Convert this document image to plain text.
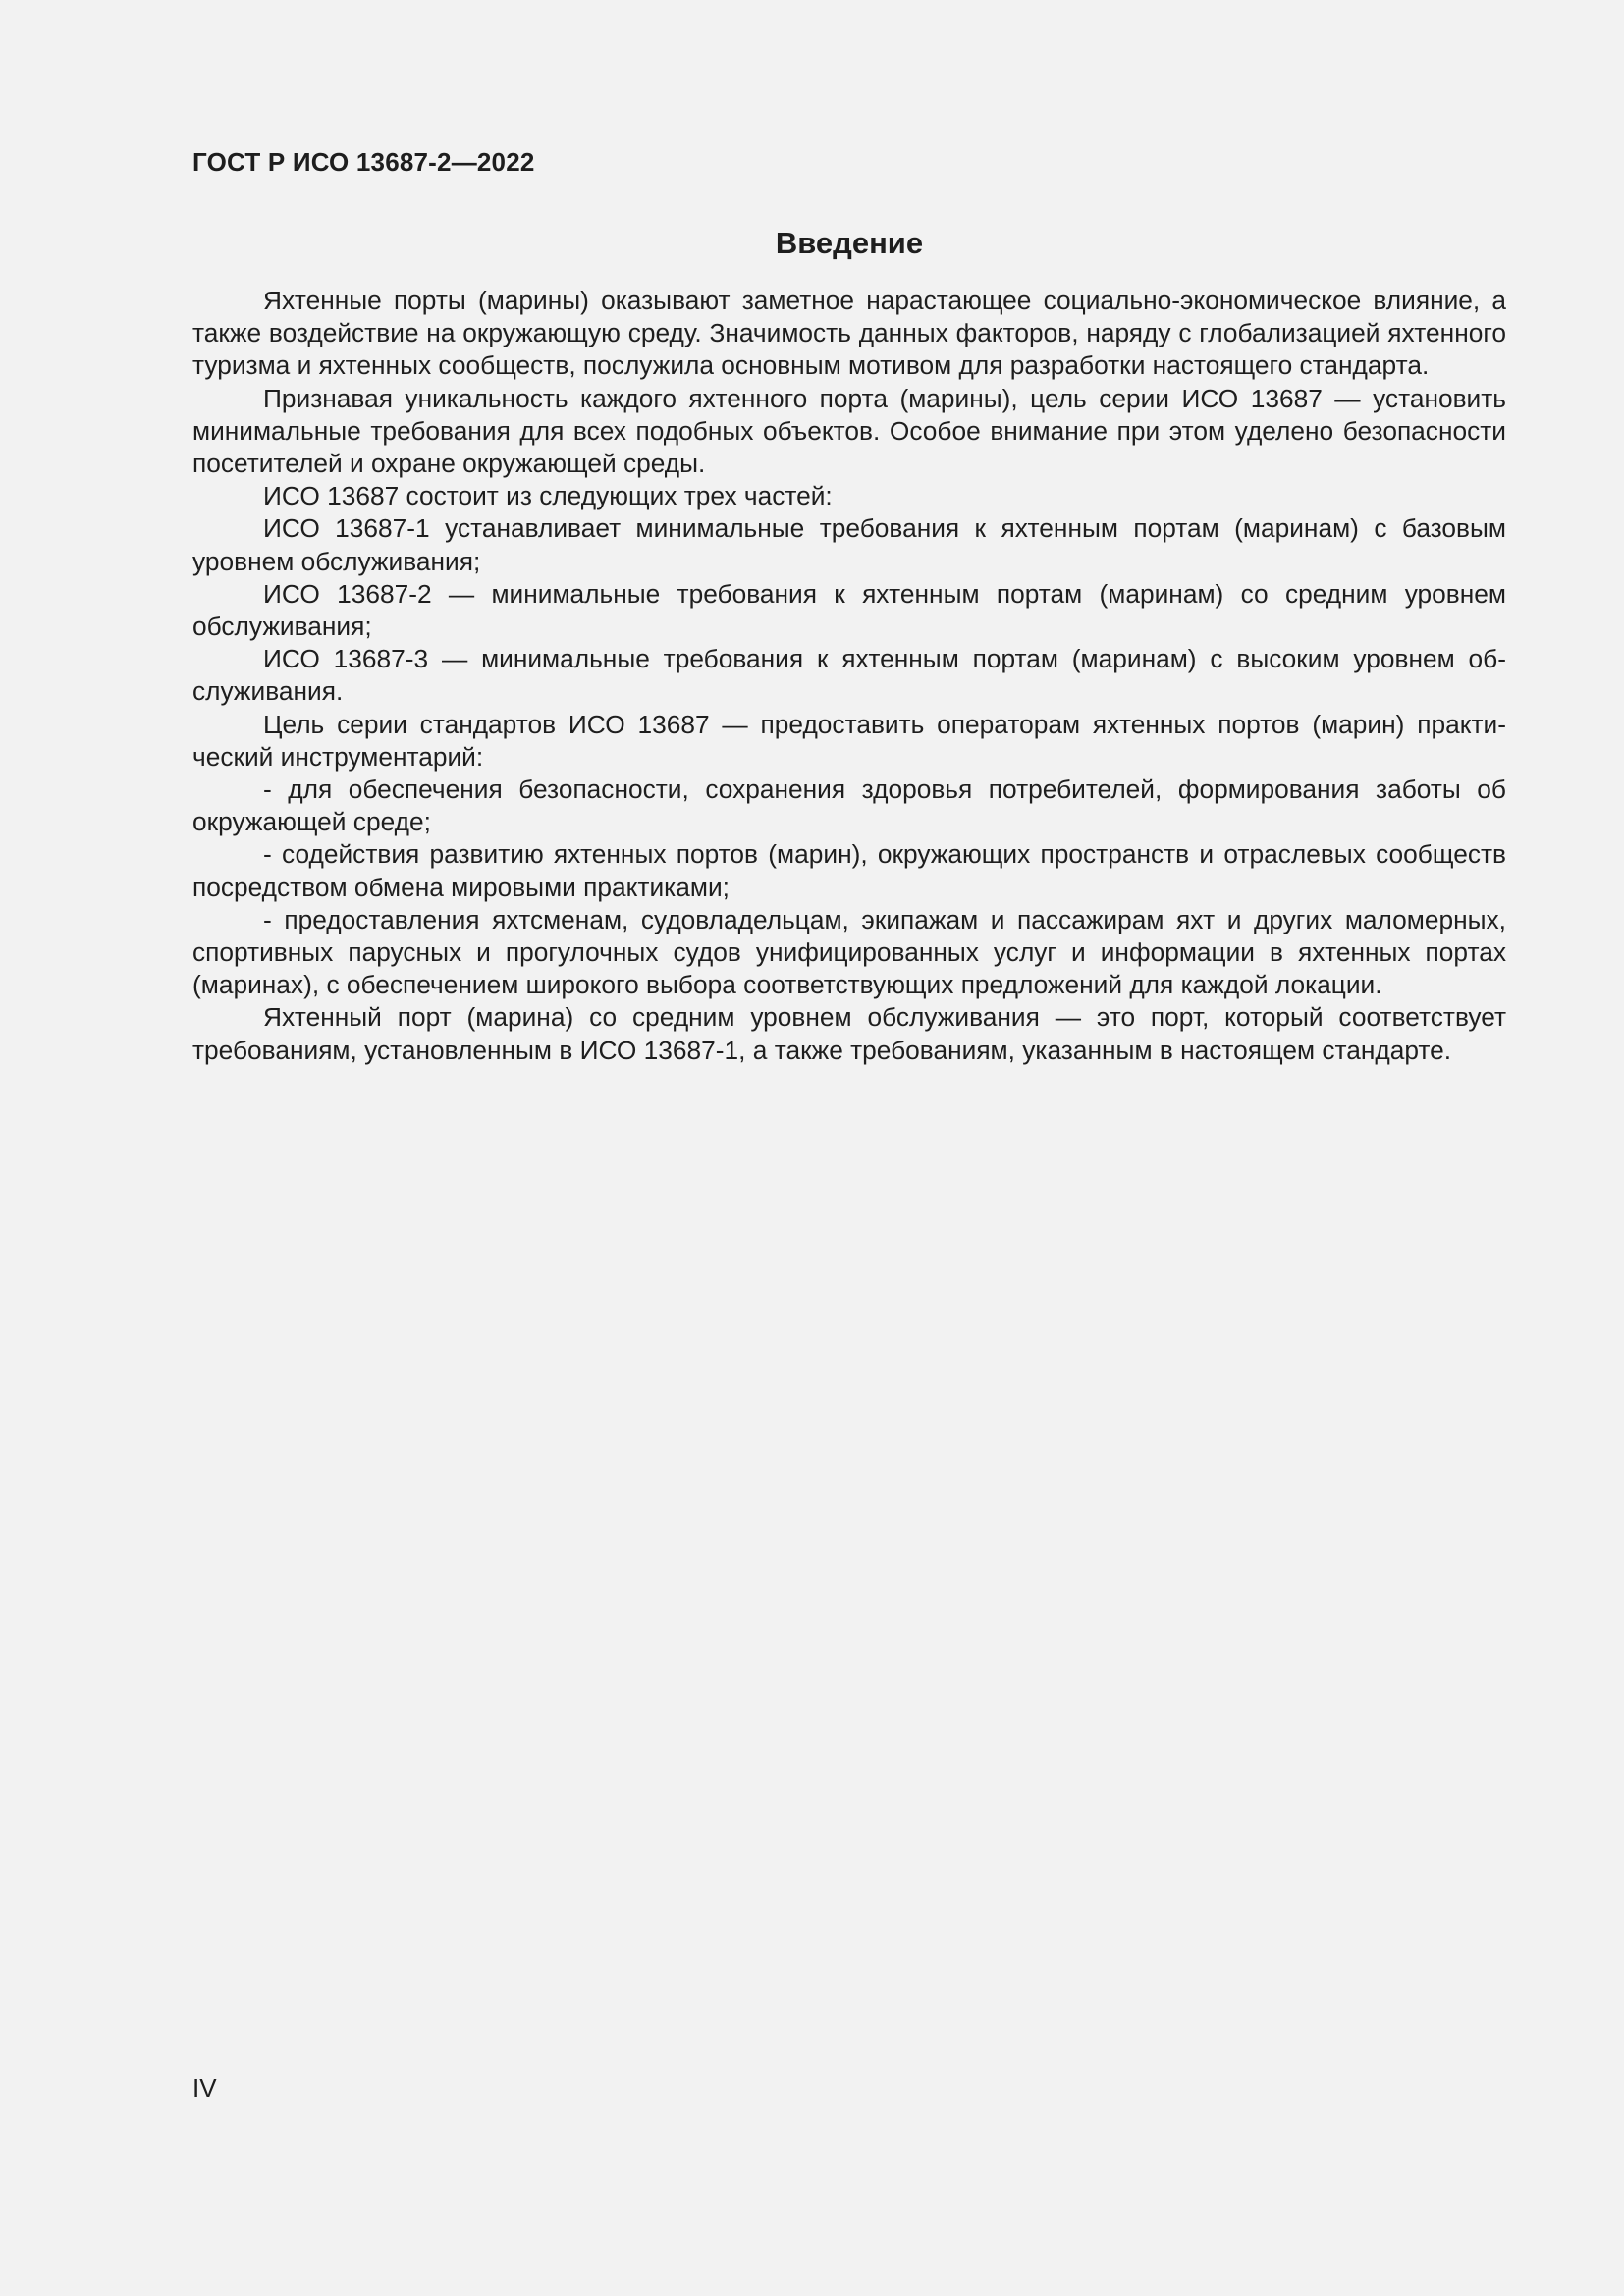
ГОСТ Р ИСО 13687-2—2022
Введение

Яхтенные порты (марины) оказывают заметное нарастающее социально-экономическое влияние, а также воздействие на окружающую среду. Значимость данных факторов, наряду с глобализацией яхтенного туризма и яхтенных сообществ, послужила основным мотивом для разработки настоящего стандарта.

Признавая уникальность каждого яхтенного порта (марины), цель серии ИСО 13687 — установить минимальные требования для всех подобных объектов. Особое внимание при этом уделено безопасности посетителей и охране окружающей среды.

ИСО 13687 состоит из следующих трех частей:

ИСО 13687-1 устанавливает минимальные требования к яхтенным портам (маринам) с базовым уровнем обслуживания;

ИСО 13687-2 — минимальные требования к яхтенным портам (маринам) со средним уровнем обслуживания;

ИСО 13687-3 — минимальные требования к яхтенным портам (маринам) с высоким уровнем обслуживания.

Цель серии стандартов ИСО 13687 — предоставить операторам яхтенных портов (марин) практический инструментарий:

- для обеспечения безопасности, сохранения здоровья потребителей, формирования заботы об окружающей среде;

- содействия развитию яхтенных портов (марин), окружающих пространств и отраслевых сообществ посредством обмена мировыми практиками;

- предоставления яхтсменам, судовладельцам, экипажам и пассажирам яхт и других маломерных, спортивных парусных и прогулочных судов унифицированных услуг и информации в яхтенных портах (маринах), с обеспечением широкого выбора соответствующих предложений для каждой локации.

Яхтенный порт (марина) со средним уровнем обслуживания — это порт, который соответствует требованиям, установленным в ИСО 13687-1, а также требованиям, указанным в настоящем стандарте.

IV
